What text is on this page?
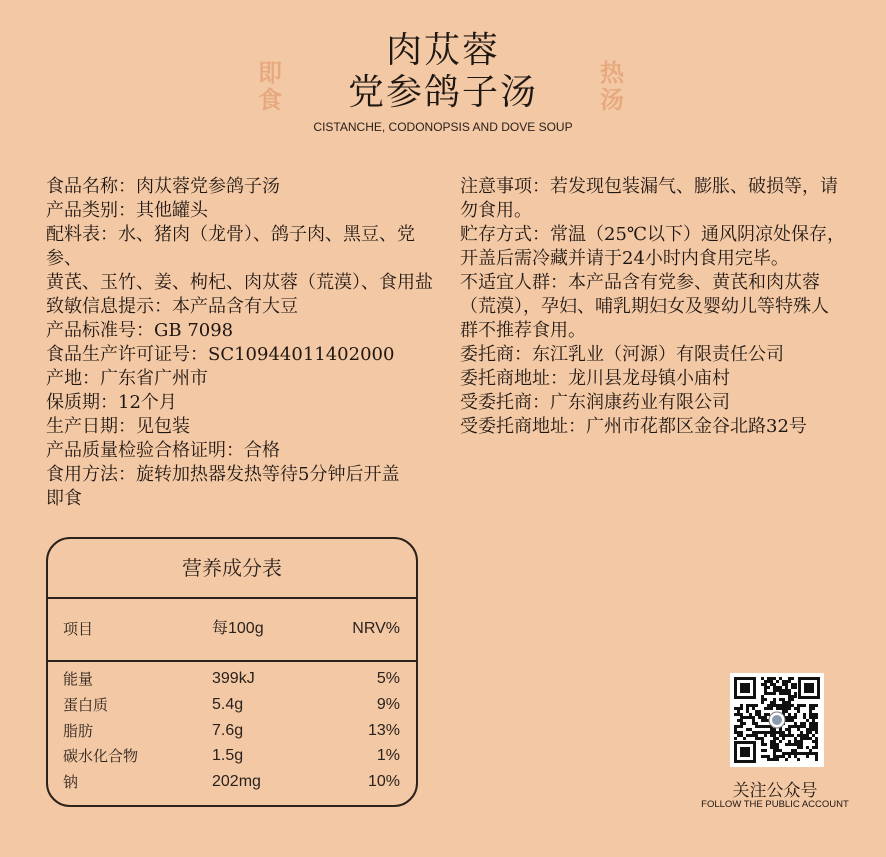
肉苁蓉
党参鸽子汤
CISTANCHE, CODONOPSIS AND DOVE SOUP
即
食
热
汤

食品名称：肉苁蓉党参鸽子汤

产品类别：其他罐头

配料表：水、猪肉（龙骨）、鸽子肉、黑豆、党参、

黄芪、玉竹、姜、枸杞、肉苁蓉（荒漠）、食用盐

致敏信息提示：本产品含有大豆

产品标准号：GB 7098

食品生产许可证号：SC10944011402000

产地：广东省广州市

保质期：12个月

生产日期：见包装

产品质量检验合格证明：合格

食用方法：旋转加热器发热等待5分钟后开盖

即食

注意事项：若发现包装漏气、膨胀、破损等，请

勿食用。

贮存方式：常温（25℃以下）通风阴凉处保存，

开盖后需冷藏并请于24小时内食用完毕。

不适宜人群：本产品含有党参、黄芪和肉苁蓉

（荒漠），孕妇、哺乳期妇女及婴幼儿等特殊人

群不推荐食用。

委托商：东江乳业（河源）有限责任公司

委托商地址：龙川县龙母镇小庙村

受委托商：广东润康药业有限公司

受委托商地址：广州市花都区金谷北路32号

营养成分表
项目	每100g	NRV%
能量	399kJ	5%
蛋白质	5.4g	9%
脂肪	7.6g	13%
碳水化合物	1.5g	1%
钠	202mg	10%	关注公众号
FOLLOW THE PUBLIC ACCOUNT
